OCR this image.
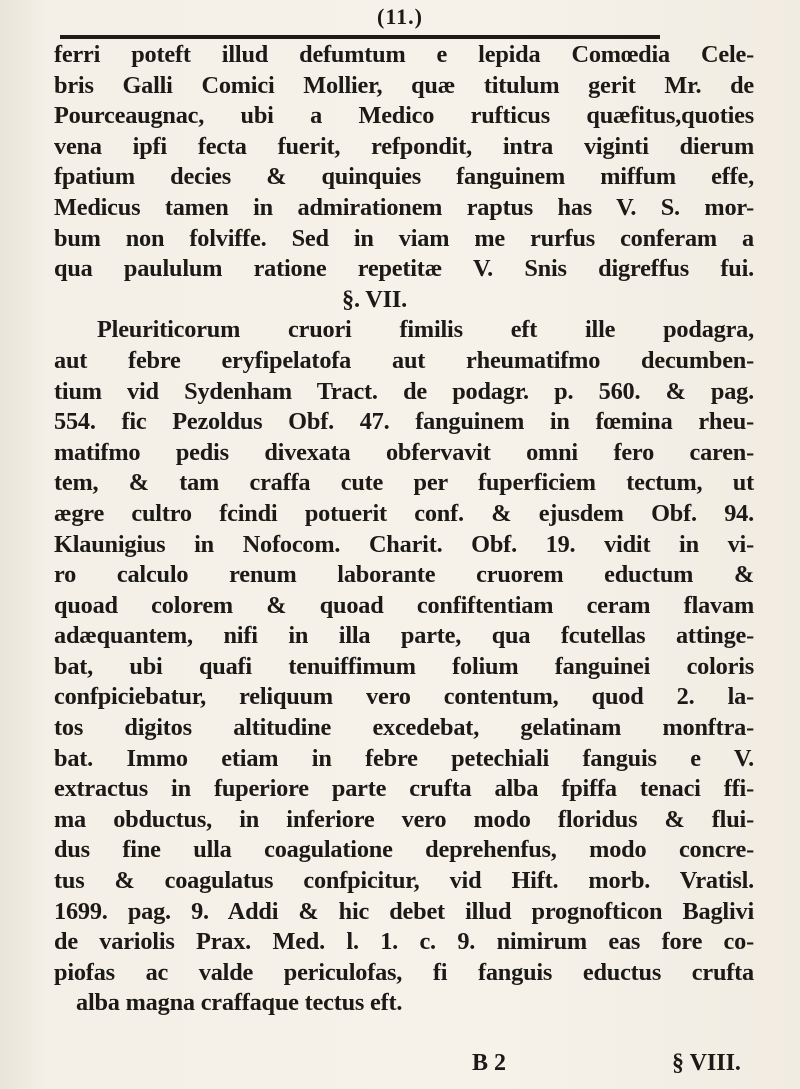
(11.)
ferri poteft illud defumtum e lepida Comœdia Cele-
bris Galli Comici Mollier, quæ titulum gerit Mr. de
Pourceaugnac, ubi a Medico rufticus quæfitus,quoties
vena ipfi fecta fuerit, refpondit, intra viginti dierum
fpatium decies & quinquies fanguinem miffum effe,
Medicus tamen in admirationem raptus has V. S. mor-
bum non folviffe. Sed in viam me rurfus conferam a
qua paululum ratione repetitæ V. Snis digreffus fui.
§. VII.
Pleuriticorum cruori fimilis eft ille podagra,
aut febre eryfipelatofa aut rheumatifmo decumben-
tium vid Sydenham Tract. de podagr. p. 560. & pag.
554. fic Pezoldus Obf. 47. fanguinem in fœmina rheu-
matifmo pedis divexata obfervavit omni fero caren-
tem, & tam craffa cute per fuperficiem tectum, ut
ægre cultro fcindi potuerit conf. & ejusdem Obf. 94.
Klaunigius in Nofocom. Charit. Obf. 19. vidit in vi-
ro calculo renum laborante cruorem eductum &
quoad colorem & quoad confiftentiam ceram flavam
adæquantem, nifi in illa parte, qua fcutellas attinge-
bat, ubi quafi tenuiffimum folium fanguinei coloris
confpiciebatur, reliquum vero contentum, quod 2. la-
tos digitos altitudine excedebat, gelatinam monftra-
bat. Immo etiam in febre petechiali fanguis e V.
extractus in fuperiore parte crufta alba fpiffa tenaci ffi-
ma obductus, in inferiore vero modo floridus & flui-
dus fine ulla coagulatione deprehenfus, modo concre-
tus & coagulatus confpicitur, vid Hift. morb. Vratisl.
1699. pag. 9. Addi & hic debet illud prognofticon Baglivi
de variolis Prax. Med. l. 1. c. 9. nimirum eas fore co-
piofas ac valde periculofas, fi fanguis eductus crufta
alba magna craffaque tectus eft.
B 2	§ VIII.
